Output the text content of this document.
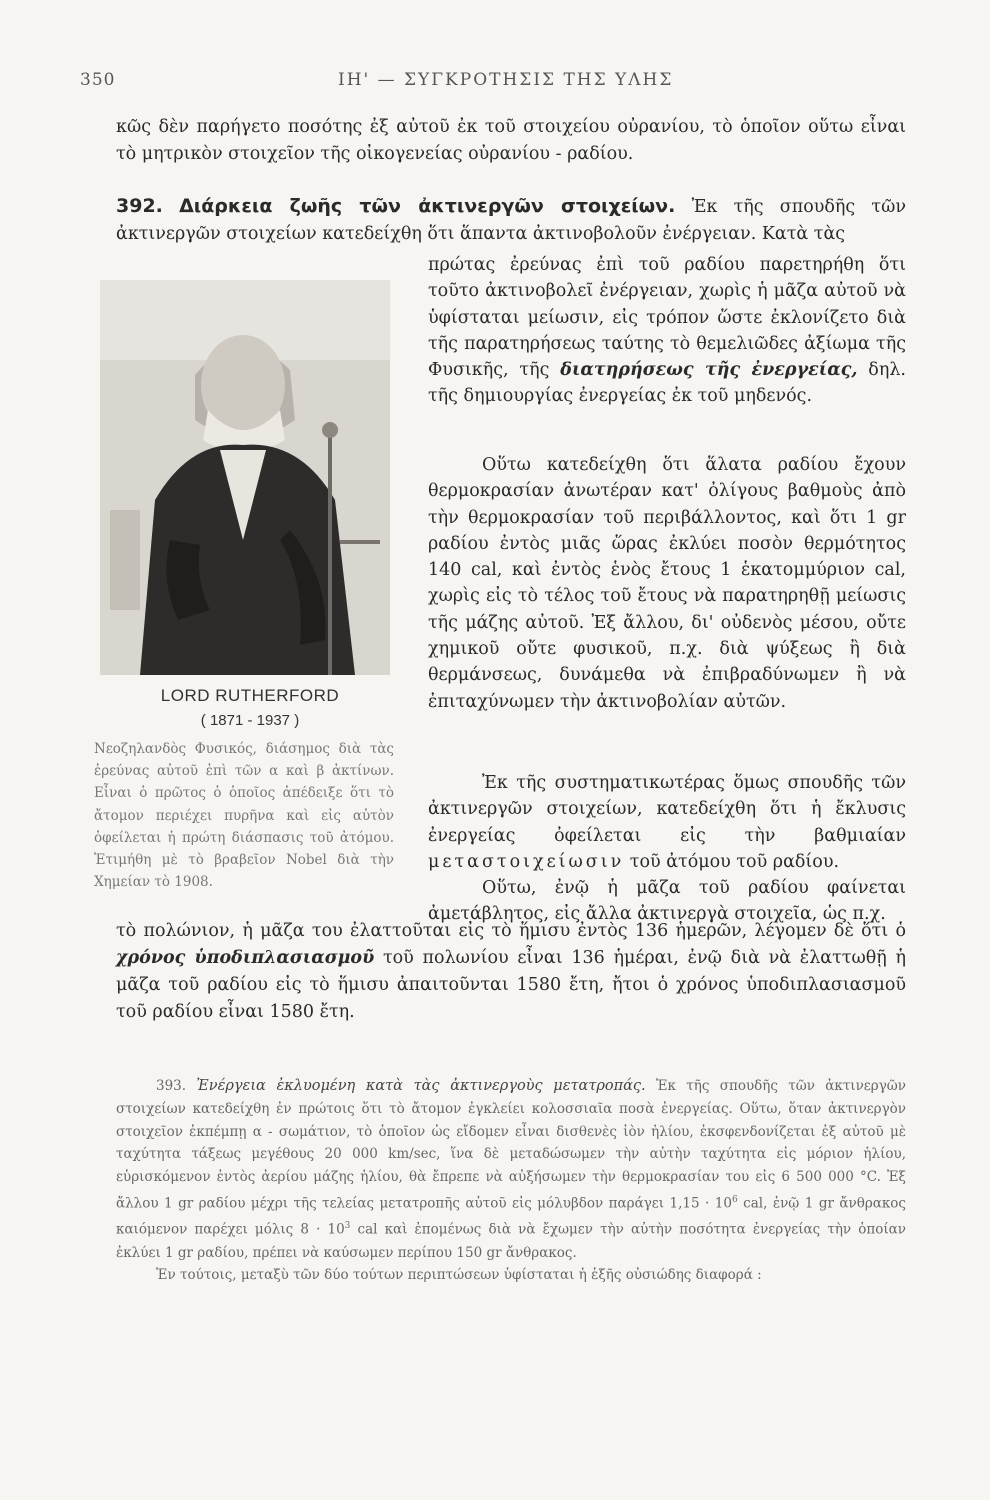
350	ΙΗ' — ΣΥΓΚΡΟΤΗΣΙΣ ΤΗΣ ΥΛΗΣ

κῶς δὲν παρήγετο ποσότης ἐξ αὐτοῦ ἐκ τοῦ στοιχείου οὐρανίου, τὸ ὁποῖον οὕτω εἶναι τὸ μητρικὸν στοιχεῖον τῆς οἰκογενείας οὐρανίου - ραδίου.

392. Διάρκεια ζωῆς τῶν ἀκτινεργῶν στοιχείων. Ἐκ τῆς σπουδῆς τῶν ἀκτινεργῶν στοιχείων κατεδείχθη ὅτι ἅπαντα ἀκτινοβολοῦν ἐνέργειαν. Κατὰ τὰς

LORD RUTHERFORD
( 1871 - 1937 )

Νεοζηλανδὸς Φυσικός, διάσημος διὰ τὰς ἐρεύνας αὐτοῦ ἐπὶ τῶν α καὶ β ἀκτίνων. Εἶναι ὁ πρῶτος ὁ ὁποῖος ἀπέδειξε ὅτι τὸ ἄτομον περιέχει πυρῆνα καὶ εἰς αὐτὸν ὀφείλεται ἡ πρώτη διάσπασις τοῦ ἀτόμου. Ἐτιμήθη μὲ τὸ βραβεῖον Nobel διὰ τὴν Χημείαν τὸ 1908.

πρώτας ἐρεύνας ἐπὶ τοῦ ραδίου παρετηρήθη ὅτι τοῦτο ἀκτινοβολεῖ ἐνέργειαν, χωρὶς ἡ μᾶζα αὐτοῦ νὰ ὑφίσταται μείωσιν, εἰς τρόπον ὥστε ἐκλονίζετο διὰ τῆς παρατηρήσεως ταύτης τὸ θεμελιῶδες ἀξίωμα τῆς Φυσικῆς, τῆς διατηρήσεως τῆς ἐνεργείας, δηλ. τῆς δημιουργίας ἐνεργείας ἐκ τοῦ μηδενός.

Οὕτω κατεδείχθη ὅτι ἅλατα ραδίου ἔχουν θερμοκρασίαν ἀνωτέραν κατ' ὀλίγους βαθμοὺς ἀπὸ τὴν θερμοκρασίαν τοῦ περιβάλλοντος, καὶ ὅτι 1 gr ραδίου ἐντὸς μιᾶς ὥρας ἐκλύει ποσὸν θερμότητος 140 cal, καὶ ἐντὸς ἑνὸς ἔτους 1 ἑκατομμύριον cal, χωρὶς εἰς τὸ τέλος τοῦ ἔτους νὰ παρατηρηθῇ μείωσις τῆς μάζης αὐτοῦ. Ἐξ ἄλλου, δι' οὐδενὸς μέσου, οὔτε χημικοῦ οὔτε φυσικοῦ, π.χ. διὰ ψύξεως ἢ διὰ θερμάνσεως, δυνάμεθα νὰ ἐπιβραδύνωμεν ἢ νὰ ἐπιταχύνωμεν τὴν ἀκτινοβολίαν αὐτῶν.

Ἐκ τῆς συστηματικωτέρας ὅμως σπουδῆς τῶν ἀκτινεργῶν στοιχείων, κατεδείχθη ὅτι ἡ ἔκλυσις ἐνεργείας ὀφείλεται εἰς τὴν βαθμιαίαν μεταστοιχείωσιν τοῦ ἀτόμου τοῦ ραδίου.
Οὕτω, ἐνῷ ἡ μᾶζα τοῦ ραδίου φαίνεται ἀμετάβλητος, εἰς ἄλλα ἀκτινεργὰ στοιχεῖα, ὡς π.χ.

τὸ πολώνιον, ἡ μᾶζα του ἐλαττοῦται εἰς τὸ ἥμισυ ἐντὸς 136 ἡμερῶν, λέγομεν δὲ ὅτι ὁ χρόνος ὑποδιπλασιασμοῦ τοῦ πολωνίου εἶναι 136 ἡμέραι, ἐνῷ διὰ νὰ ἐλαττωθῇ ἡ μᾶζα τοῦ ραδίου εἰς τὸ ἥμισυ ἀπαιτοῦνται 1580 ἔτη, ἤτοι ὁ χρόνος ὑποδιπλασιασμοῦ τοῦ ραδίου εἶναι 1580 ἔτη.

393. Ἐνέργεια ἐκλυομένη κατὰ τὰς ἀκτινεργοὺς μετατροπάς. Ἐκ τῆς σπουδῆς τῶν ἀκτινεργῶν στοιχείων κατεδείχθη ἐν πρώτοις ὅτι τὸ ἄτομον ἐγκλείει κολοσσιαῖα ποσὰ ἐνεργείας. Οὕτω, ὅταν ἀκτινεργὸν στοιχεῖον ἐκπέμπῃ α - σωμάτιον, τὸ ὁποῖον ὡς εἴδομεν εἶναι δισθενὲς ἰὸν ἡλίου, ἐκσφενδονίζεται ἐξ αὐτοῦ μὲ ταχύτητα τάξεως μεγέθους 20 000 km/sec, ἵνα δὲ μεταδώσωμεν τὴν αὐτὴν ταχύτητα εἰς μόριον ἡλίου, εὑρισκόμενον ἐντὸς ἀερίου μάζης ἡλίου, θὰ ἔπρεπε νὰ αὐξήσωμεν τὴν θερμοκρασίαν του εἰς 6 500 000 °C. Ἐξ ἄλλου 1 gr ραδίου μέχρι τῆς τελείας μετατροπῆς αὐτοῦ εἰς μόλυβδον παράγει $1,15 \cdot 10^6$ cal, ἐνῷ 1 gr ἄνθρακος καιόμενον παρέχει μόλις $8 \cdot 10^3$ cal καὶ ἐπομένως διὰ νὰ ἔχωμεν τὴν αὐτὴν ποσότητα ἐνεργείας τὴν ὁποίαν ἐκλύει 1 gr ραδίου, πρέπει νὰ καύσωμεν περίπου 150 gr ἄνθρακος.
Ἐν τούτοις, μεταξὺ τῶν δύο τούτων περιπτώσεων ὑφίσταται ἡ ἑξῆς οὐσιώδης διαφορά :
